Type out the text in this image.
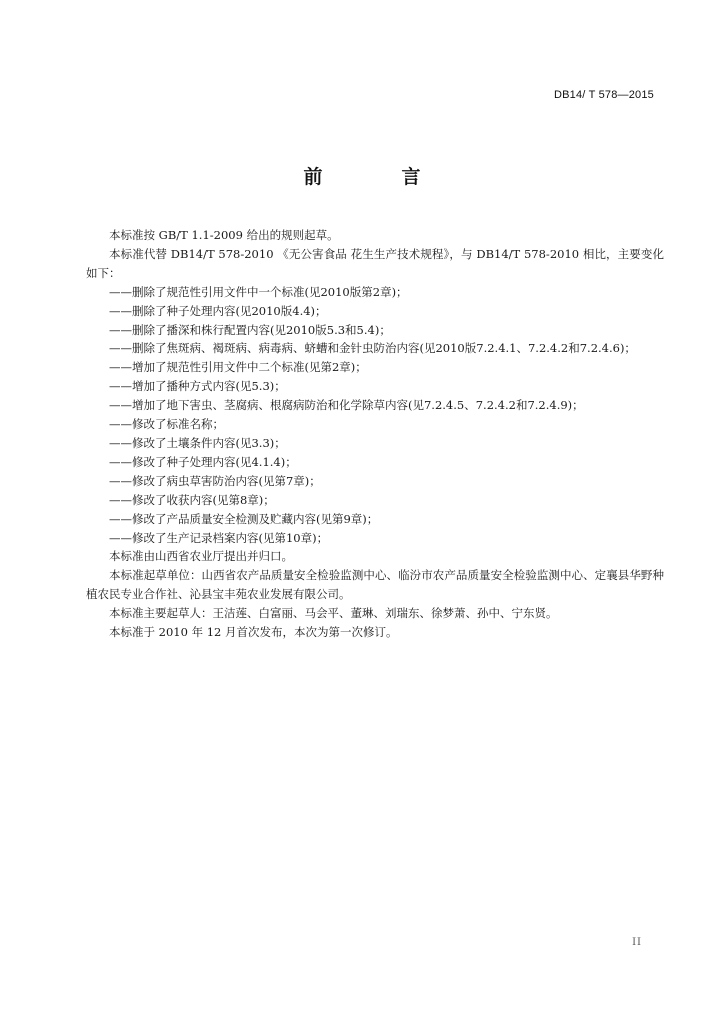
DB14/ T 578—2015
前　言

本标准按 GB/T 1.1-2009 给出的规则起草。

本标准代替 DB14/T 578-2010 《无公害食品 花生生产技术规程》，与 DB14/T 578-2010 相比，主要变化如下：

——删除了规范性引用文件中一个标准(见2010版第2章)；

——删除了种子处理内容(见2010版4.4)；

——删除了播深和株行配置内容(见2010版5.3和5.4)；

——删除了焦斑病、褐斑病、病毒病、蛴螬和金针虫防治内容(见2010版7.2.4.1、7.2.4.2和7.2.4.6)；

——增加了规范性引用文件中二个标准(见第2章)；

——增加了播种方式内容(见5.3)；

——增加了地下害虫、茎腐病、根腐病防治和化学除草内容(见7.2.4.5、7.2.4.2和7.2.4.9)；

——修改了标准名称；

——修改了土壤条件内容(见3.3)；

——修改了种子处理内容(见4.1.4)；

——修改了病虫草害防治内容(见第7章)；

——修改了收获内容(见第8章)；

——修改了产品质量安全检测及贮藏内容(见第9章)；

——修改了生产记录档案内容(见第10章)；

本标准由山西省农业厅提出并归口。

本标准起草单位：山西省农产品质量安全检验监测中心、临汾市农产品质量安全检验监测中心、定襄县华野种植农民专业合作社、沁县宝丰苑农业发展有限公司。

本标准主要起草人：王洁莲、白富丽、马会平、董琳、刘瑞东、徐梦萧、孙中、宁东贤。

本标准于 2010 年 12 月首次发布，本次为第一次修订。

II
